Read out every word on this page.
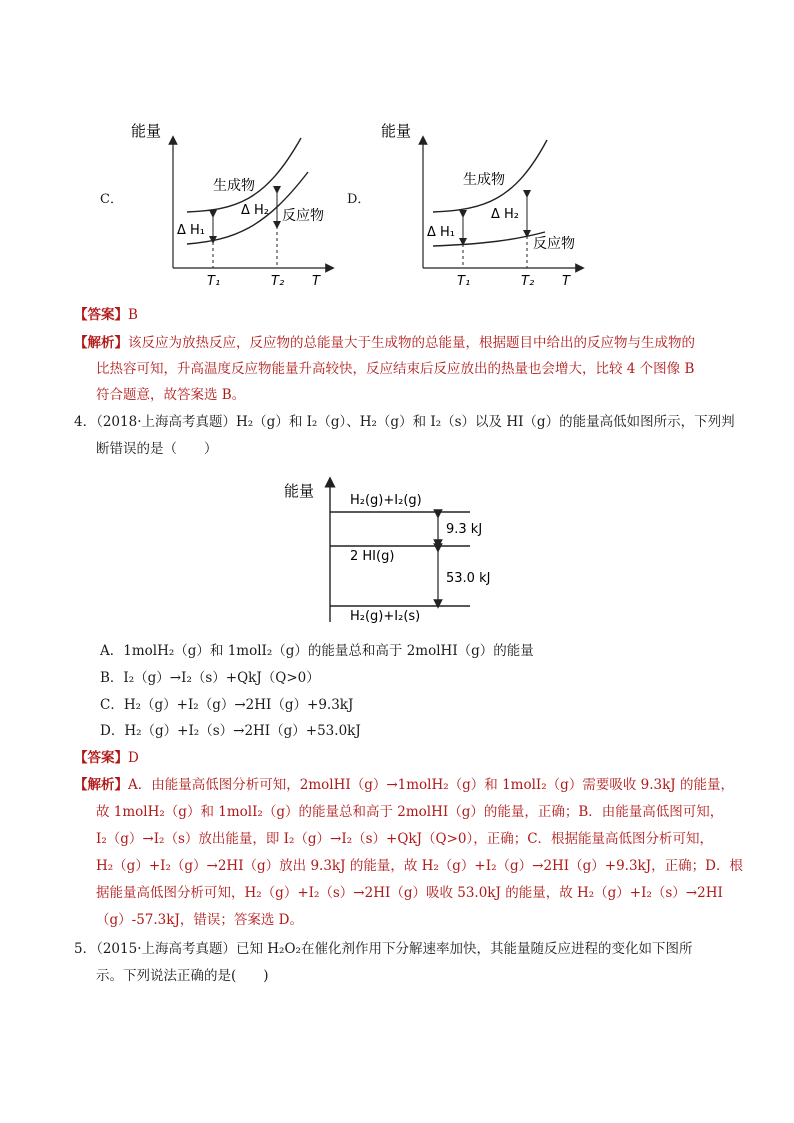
C．
能量
生成物
反应物
Δ H₁
Δ H₂
T₁	T₂ T
D．
能量
生成物
反应物
Δ H₁
Δ H₂
T₁	T₂ T
【答案】B
【解析】该反应为放热反应，反应物的总能量大于生成物的总能量，根据题目中给出的反应物与生成物的
比热容可知，升高温度反应物能量升高较快，反应结束后反应放出的热量也会增大，比较 4 个图像 B
符合题意，故答案选 B。
4．（2018·上海高考真题）H₂（g）和 I₂（g）、H₂（g）和 I₂（s）以及 HI（g）的能量高低如图所示，下列判
断错误的是（　　）
能量
H₂(g)+I₂(g)
2 HI(g)
H₂(g)+I₂(s)
9.3 kJ
53.0 kJ
A．1molH₂（g）和 1molI₂（g）的能量总和高于 2molHI（g）的能量
B．I₂（g）→I₂（s）+QkJ（Q>0）
C．H₂（g）+I₂（g）→2HI（g）+9.3kJ
D．H₂（g）+I₂（s）→2HI（g）+53.0kJ
【答案】D
【解析】A．由能量高低图分析可知，2molHI（g）→1molH₂（g）和 1molI₂（g）需要吸收 9.3kJ 的能量，
故 1molH₂（g）和 1molI₂（g）的能量总和高于 2molHI（g）的能量，正确；B．由能量高低图可知，
I₂（g）→I₂（s）放出能量，即 I₂（g）→I₂（s）+QkJ（Q>0），正确；C．根据能量高低图分析可知，
H₂（g）+I₂（g）→2HI（g）放出 9.3kJ 的能量，故 H₂（g）+I₂（g）→2HI（g）+9.3kJ，正确；D．根
据能量高低图分析可知，H₂（g）+I₂（s）→2HI（g）吸收 53.0kJ 的能量，故 H₂（g）+I₂（s）→2HI
（g）-57.3kJ，错误；答案选 D。
5．（2015·上海高考真题）已知 H₂O₂在催化剂作用下分解速率加快，其能量随反应进程的变化如下图所
示。下列说法正确的是(　　)
